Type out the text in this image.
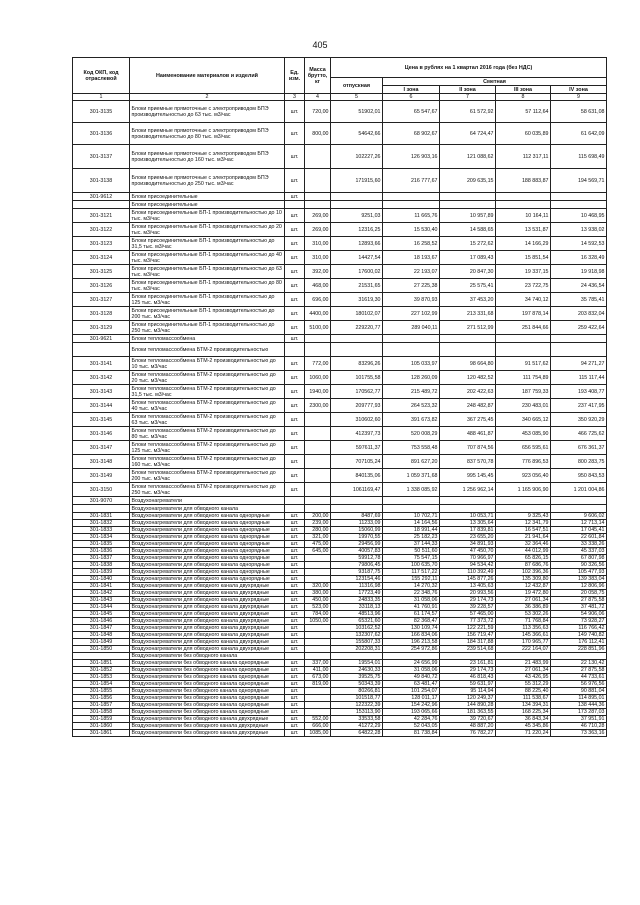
405
Код ОКП, код отраслевой	Наименование материалов и изделий	Ед. изм.	Масса брутто, кг	Цена в рублях на 1 квартал 2016 года (без НДС)				
				отпускная	Сметная			
					I зона	II зона	III зона	IV зона
1	2	3	4	5	6	7	8	9
301-3135	Блоки приемные прямоточные с электроприводом БПЭ производительностью до 63 тыс. м3/час	шт.	720,00	51902,01	65 547,67	61 572,92	57 112,64	58 631,08
301-3136	Блоки приемные прямоточные с электроприводом БПЭ производительностью до 80 тыс. м3/час	шт.	800,00	54642,66	68 902,67	64 724,47	60 035,89	61 642,09
301-3137	Блоки приемные прямоточные с электроприводом БПЭ производительностью до 160 тыс. м3/час	шт.		102227,26	126 903,16	121 088,62	112 317,11	115 698,49
301-3138	Блоки приемные прямоточные с электроприводом БПЭ производительностью до 250 тыс. м3/час	шт.		171915,60	216 777,67	209 635,15	188 883,87	194 569,71
301-9612	Блоки присоединительные	шт.						
	Блоки присоединительные							
301-3121	Блоки присоединительные БП-1 производительностью до 10 тыс. м3/час	шт.	269,00	9251,03	11 665,76	10 957,89	10 164,11	10 468,95
301-3122	Блоки присоединительные БП-1 производительностью до 20 тыс. м3/час	шт.	269,00	12316,25	15 530,40	14 588,65	13 531,87	13 938,02
301-3123	Блоки присоединительные БП-1 производительностью до 31,5 тыс. м3/час	шт.	310,00	12893,66	16 258,52	15 272,62	14 166,29	14 592,53
301-3124	Блоки присоединительные БП-1 производительностью до 40 тыс. м3/час	шт.	310,00	14427,54	18 193,67	17 089,43	15 851,54	16 328,49
301-3125	Блоки присоединительные БП-1 производительностью до 63 тыс. м3/час	шт.	392,00	17600,02	22 193,07	20 847,30	19 337,15	19 918,98
301-3126	Блоки присоединительные БП-1 производительностью до 80 тыс. м3/час	шт.	468,00	21531,65	27 225,38	25 575,41	23 722,75	24 436,54
301-3127	Блоки присоединительные БП-1 производительностью до 125 тыс. м3/час	шт.	696,00	31619,30	39 870,93	37 453,20	34 740,12	35 785,41
301-3128	Блоки присоединительные БП-1 производительностью до 200 тыс. м3/час	шт.	4400,00	180102,07	227 102,99	213 331,68	197 878,14	203 832,04
301-3129	Блоки присоединительные БП-1 производительностью до 250 тыс. м3/час	шт.	5100,00	229220,77	289 040,11	271 512,99	251 844,66	259 422,64
301-9621	Блоки тепломассообмена	шт.						
	Блоки тепломассообмена БТМ-2 производительностью							
301-3141	Блоки тепломассообмена БТМ-2 производительностью до 10 тыс. м3/час	шт.	772,00	83296,26	105 033,97	98 664,80	91 517,62	94 271,27
301-3142	Блоки тепломассообмена БТМ-2 производительностью до 20 тыс. м3/час	шт.	1060,00	101755,58	128 260,09	120 482,52	111 754,89	115 117,44
301-3143	Блоки тепломассообмена БТМ-2 производительностью до 31,5 тыс. м3/час	шт.	1940,00	170562,77	215 489,72	202 422,63	187 759,33	193 408,77
301-3144	Блоки тепломассообмена БТМ-2 производительностью до 40 тыс. м3/час	шт.	2300,00	209777,93	264 523,32	248 482,87	230 483,01	237 417,95
301-3145	Блоки тепломассообмена БТМ-2 производительностью до 63 тыс. м3/час	шт.		310602,60	391 673,82	367 275,45	340 665,12	350 920,29
301-3146	Блоки тепломассообмена БТМ-2 производительностью до 80 тыс. м3/час	шт.		412397,73	520 008,29	488 461,87	453 085,90	466 725,62
301-3147	Блоки тепломассообмена БТМ-2 производительностью до 125 тыс. м3/час	шт.		597611,37	753 558,48	707 874,56	656 595,61	676 361,37
301-3148	Блоки тепломассообмена БТМ-2 производительностью до 160 тыс. м3/час	шт.		707105,24	891 627,20	837 570,78	776 896,53	800 283,75
301-3149	Блоки тепломассообмена БТМ-2 производительностью до 200 тыс. м3/час	шт.		840135,06	1 059 371,68	995 145,45	923 056,40	950 843,53
301-3150	Блоки тепломассообмена БТМ-2 производительностью до 250 тыс. м3/час	шт.		1061169,47	1 338 085,92	1 256 962,14	1 165 906,90	1 201 004,86
301-9070	Воздухонагреватели							
	Воздухонагреватели для обводного канала							
301-1831	Воздухонагреватели для обводного канала однорядные	шт.	200,00	8487,69	10 702,71	10 053,71	9 325,43	9 606,02
301-1832	Воздухонагреватели для обводного канала однорядные	шт.	239,00	11233,09	14 164,56	13 305,64	12 341,79	12 713,14
301-1833	Воздухонагреватели для обводного канала однорядные	шт.	280,00	15060,99	18 991,44	17 839,81	16 547,51	17 045,41
301-1834	Воздухонагреватели для обводного канала однорядные	шт.	321,00	19970,55	25 182,23	23 655,20	21 941,64	22 601,84
301-1835	Воздухонагреватели для обводного канала однорядные	шт.	475,00	29456,99	37 144,33	34 891,93	32 364,46	33 338,26
301-1836	Воздухонагреватели для обводного канала однорядные	шт.	645,00	40057,83	50 511,60	47 450,70	44 012,99	45 337,03
301-1837	Воздухонагреватели для обводного канала однорядные	шт.		59912,78	75 547,15	70 966,97	65 826,15	67 807,98
301-1838	Воздухонагреватели для обводного канала однорядные	шт.		79806,45	100 635,70	94 534,42	87 686,76	90 326,56
301-1839	Воздухонагреватели для обводного канала однорядные	шт.		93187,75	117 517,22	110 392,49	102 396,36	105 477,93
301-1840	Воздухонагреватели для обводного канала однорядные	шт.		123154,46	155 292,11	145 877,26	135 309,80	139 383,04
301-1841	Воздухонагреватели для обводного канала двухрядные	шт.	320,00	11316,98	14 270,32	13 405,63	12 432,87	12 806,96
301-1842	Воздухонагреватели для обводного канала двухрядные	шт.	380,00	17723,49	22 348,76	20 993,56	19 472,80	20 058,75
301-1843	Воздухонагреватели для обводного канала двухрядные	шт.	450,00	24833,35	31 058,06	29 174,73	27 061,34	27 875,58
301-1844	Воздухонагреватели для обводного канала двухрядные	шт.	523,00	33118,13	41 760,91	39 228,57	36 386,89	37 481,72
301-1845	Воздухонагреватели для обводного канала двухрядные	шт.	784,00	48513,96	61 174,57	57 465,00	53 302,26	54 906,06
301-1846	Воздухонагреватели для обводного канала двухрядные	шт.	1050,00	65321,60	82 368,47	77 373,72	71 768,84	73 928,27
301-1847	Воздухонагреватели для обводного канала двухрядные	шт.		103162,52	130 109,74	122 221,59	113 356,63	116 766,42
301-1848	Воздухонагреватели для обводного канала двухрядные	шт.		132307,62	166 834,06	156 719,47	145 366,61	149 740,82
301-1849	Воздухонагреватели для обводного канала двухрядные	шт.		155807,33	196 213,58	184 317,88	170 965,77	176 112,41
301-1850	Воздухонагреватели для обводного канала двухрядные	шт.		202208,31	254 972,86	239 514,68	222 164,07	228 851,96
	Воздухонагреватели без обводного канала							
301-1851	Воздухонагреватели без обводного канала однорядные	шт.	337,00	19554,01	24 656,99	23 161,81	21 483,99	22 130,42
301-1852	Воздухонагреватели без обводного канала однорядные	шт.	411,00	24630,33	31 058,06	29 174,73	27 061,34	27 875,58
301-1853	Воздухонагреватели без обводного канала однорядные	шт.	673,00	39525,75	49 840,72	46 818,43	43 426,95	44 733,61
301-1854	Воздухонагреватели без обводного канала однорядные	шт.	819,00	50343,39	63 481,47	59 631,97	55 312,29	56 976,56
301-1855	Воздухонагреватели без обводного канала однорядные	шт.		80266,81	101 254,07	95 114,94	88 225,40	90 881,04
301-1856	Воздухонагреватели без обводного канала однорядные	шт.		101518,77	128 011,17	120 249,37	111 538,67	114 895,01
301-1857	Воздухонагреватели без обводного канала однорядные	шт.		122322,39	154 242,96	144 890,28	134 394,31	138 444,36
301-1858	Воздухонагреватели без обводного канала однорядные	шт.		153113,90	193 065,66	181 363,55	168 225,34	173 287,03
301-1859	Воздухонагреватели без обводного канала двухрядные	шт.	552,00	33533,58	42 284,76	39 720,67	36 843,34	37 951,91
301-1860	Воздухонагреватели без обводного канала двухрядные	шт.	666,00	41272,29	52 043,05	48 887,20	45 345,86	46 710,28
301-1861	Воздухонагреватели без обводного канала двухрядные	шт.	1085,00	64822,28	81 738,84	76 782,27	71 220,24	73 363,16
